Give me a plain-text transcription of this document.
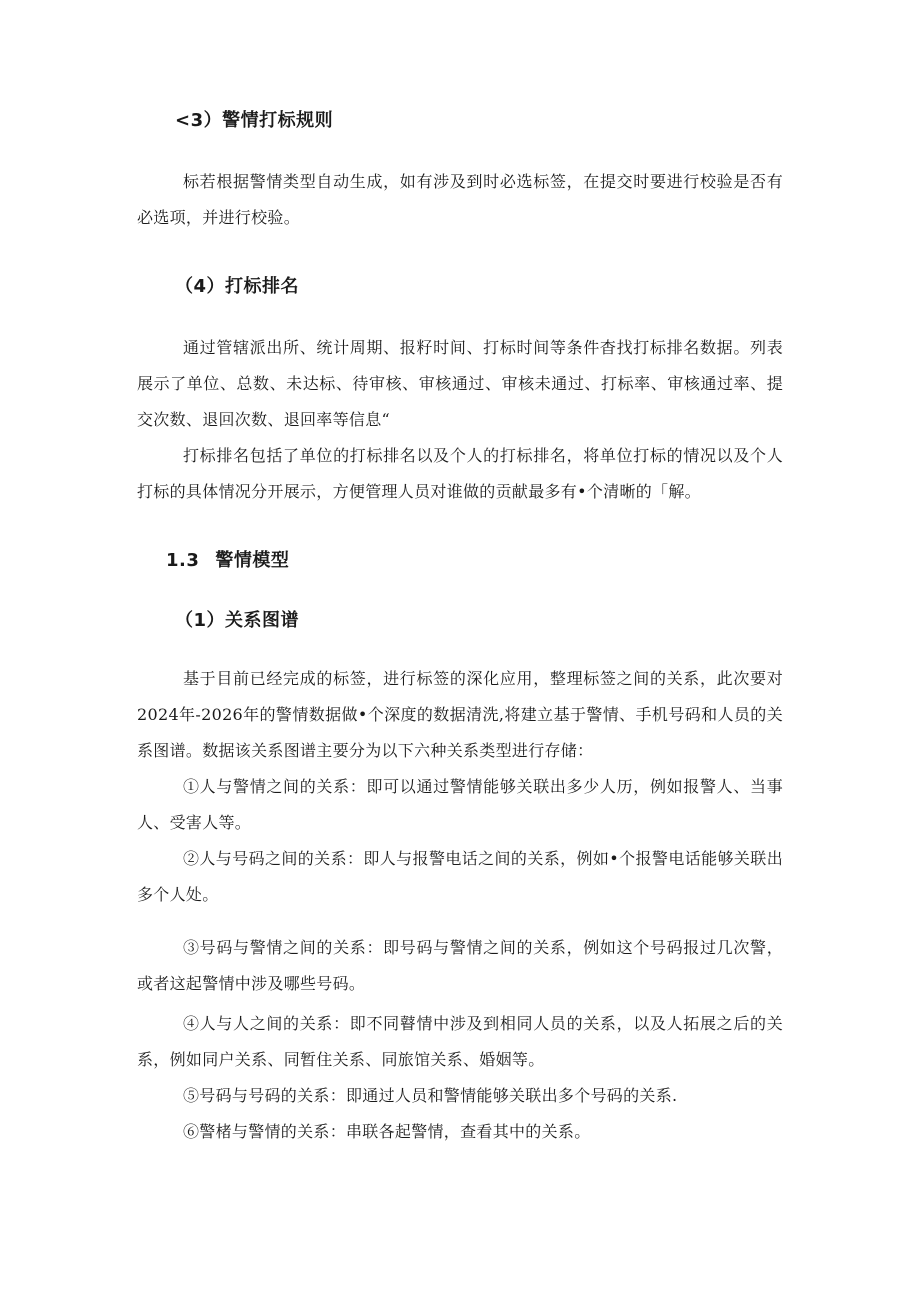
<3）警情打标规则

标若根据警情类型自动生成，如有涉及到时必选标签，在提交时要进行校验是否有必选项，并进行校验。

（4）打标排名

通过管辖派出所、统计周期、报籽时间、打标时间等条件杳找打标排名数据。列表展示了单位、总数、未达标、待审核、审核通过、审核未通过、打标率、审核通过率、提交次数、退回次数、退回率等信息“

打标排名包括了单位的打标排名以及个人的打标排名，将单位打标的情况以及个人打标的具体情况分开展示，方便管理人员对谁做的贡献最多有•个清晰的「解。

1.3 警情模型
（1）关系图谱

基于目前已经完成的标签，进行标签的深化应用，整理标签之间的关系，此次要对2024年-2026年的警情数据做•个深度的数据清洗,将建立基于警情、手机号码和人员的关系图谱。数据该关系图谱主要分为以下六种关系类型进行存储：

①人与警情之间的关系：即可以通过警情能够关联出多少人历，例如报警人、当事人、受害人等。

②人与号码之间的关系：即人与报警电话之间的关系，例如•个报警电话能够关联出多个人处。

③号码与警情之间的关系：即号码与警情之间的关系，例如这个号码报过几次警，或者这起警情中涉及哪些号码。

④人与人之间的关系：即不同瞽情中涉及到相同人员的关系，以及人拓展之后的关系，例如同户关系、同暂住关系、同旅馆关系、婚姻等。

⑤号码与号码的关系：即通过人员和警情能够关联出多个号码的关系.

⑥警楮与警情的关系：串联各起警情，查看其中的关系。
